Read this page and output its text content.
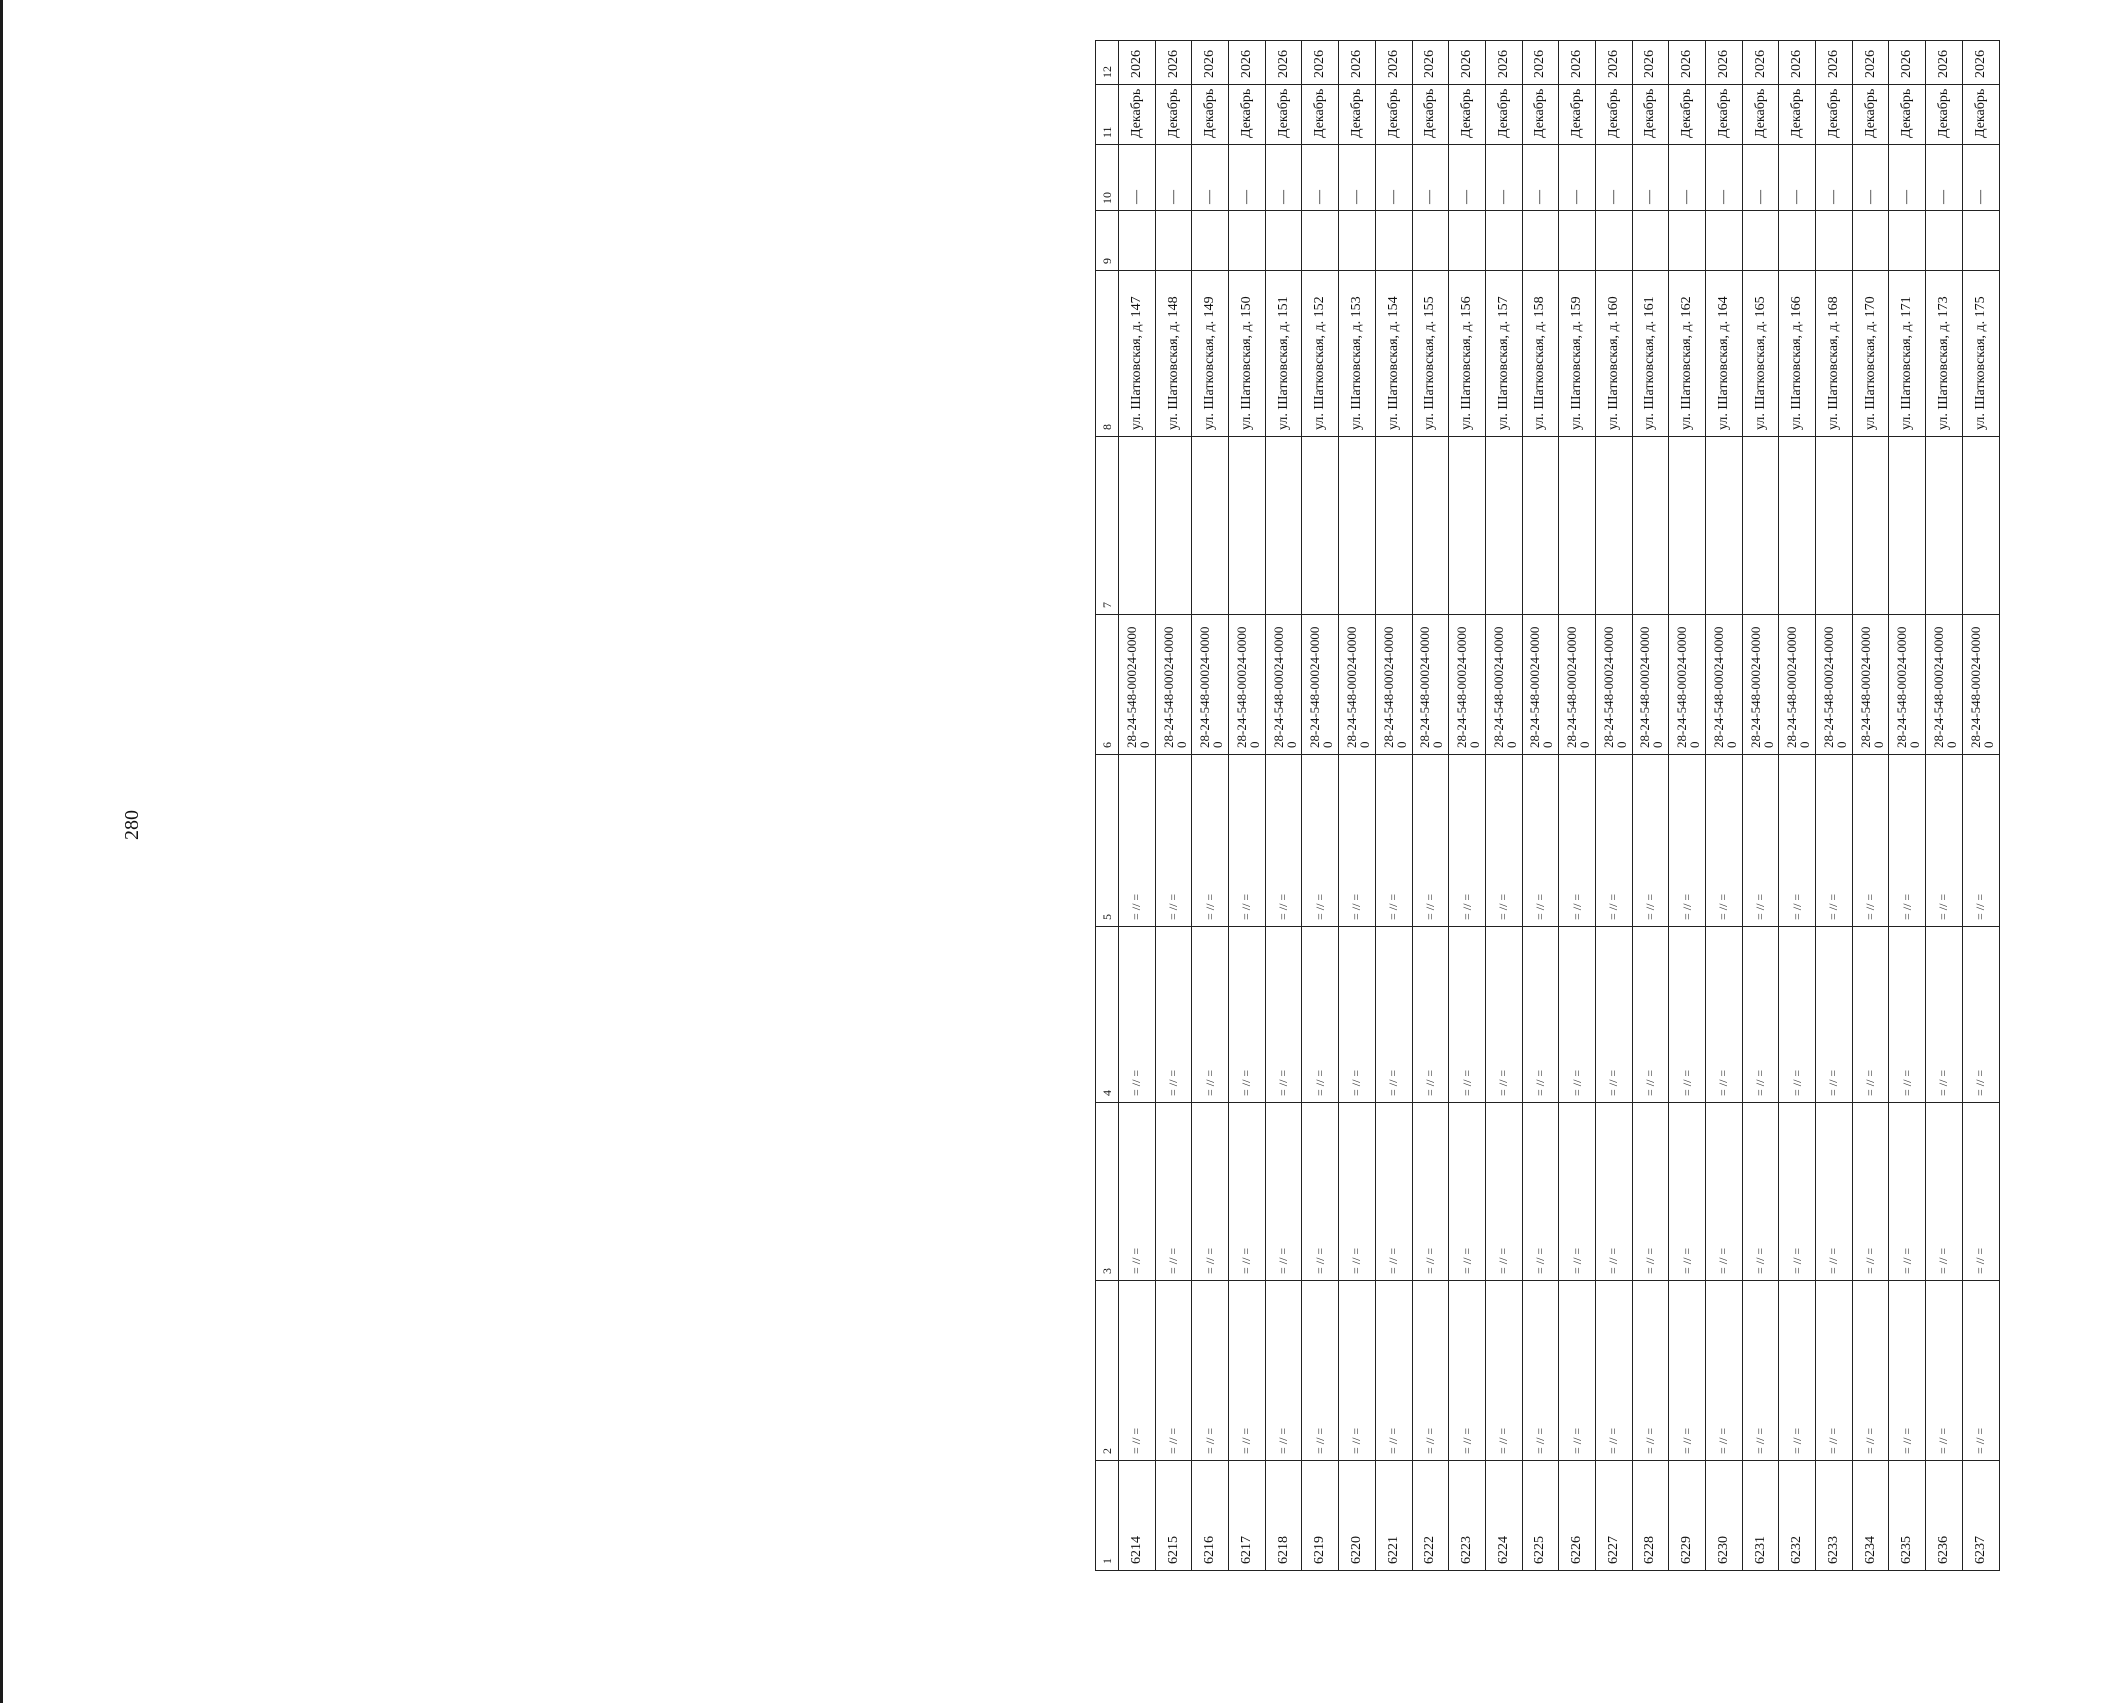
280
1	2	3	4	5	6	7	8	9	10	11	12
6214	= // =	= // =	= // =	= // =	28-24-548-00024-00000		ул. Шатковская, д. 147		—	Декабрь	2026
6215	= // =	= // =	= // =	= // =	28-24-548-00024-00000		ул. Шатковская, д. 148		—	Декабрь	2026
6216	= // =	= // =	= // =	= // =	28-24-548-00024-00000		ул. Шатковская, д. 149		—	Декабрь	2026
6217	= // =	= // =	= // =	= // =	28-24-548-00024-00000		ул. Шатковская, д. 150		—	Декабрь	2026
6218	= // =	= // =	= // =	= // =	28-24-548-00024-00000		ул. Шатковская, д. 151		—	Декабрь	2026
6219	= // =	= // =	= // =	= // =	28-24-548-00024-00000		ул. Шатковская, д. 152		—	Декабрь	2026
6220	= // =	= // =	= // =	= // =	28-24-548-00024-00000		ул. Шатковская, д. 153		—	Декабрь	2026
6221	= // =	= // =	= // =	= // =	28-24-548-00024-00000		ул. Шатковская, д. 154		—	Декабрь	2026
6222	= // =	= // =	= // =	= // =	28-24-548-00024-00000		ул. Шатковская, д. 155		—	Декабрь	2026
6223	= // =	= // =	= // =	= // =	28-24-548-00024-00000		ул. Шатковская, д. 156		—	Декабрь	2026
6224	= // =	= // =	= // =	= // =	28-24-548-00024-00000		ул. Шатковская, д. 157		—	Декабрь	2026
6225	= // =	= // =	= // =	= // =	28-24-548-00024-00000		ул. Шатковская, д. 158		—	Декабрь	2026
6226	= // =	= // =	= // =	= // =	28-24-548-00024-00000		ул. Шатковская, д. 159		—	Декабрь	2026
6227	= // =	= // =	= // =	= // =	28-24-548-00024-00000		ул. Шатковская, д. 160		—	Декабрь	2026
6228	= // =	= // =	= // =	= // =	28-24-548-00024-00000		ул. Шатковская, д. 161		—	Декабрь	2026
6229	= // =	= // =	= // =	= // =	28-24-548-00024-00000		ул. Шатковская, д. 162		—	Декабрь	2026
6230	= // =	= // =	= // =	= // =	28-24-548-00024-00000		ул. Шатковская, д. 164		—	Декабрь	2026
6231	= // =	= // =	= // =	= // =	28-24-548-00024-00000		ул. Шатковская, д. 165		—	Декабрь	2026
6232	= // =	= // =	= // =	= // =	28-24-548-00024-00000		ул. Шатковская, д. 166		—	Декабрь	2026
6233	= // =	= // =	= // =	= // =	28-24-548-00024-00000		ул. Шатковская, д. 168		—	Декабрь	2026
6234	= // =	= // =	= // =	= // =	28-24-548-00024-00000		ул. Шатковская, д. 170		—	Декабрь	2026
6235	= // =	= // =	= // =	= // =	28-24-548-00024-00000		ул. Шатковская, д. 171		—	Декабрь	2026
6236	= // =	= // =	= // =	= // =	28-24-548-00024-00000		ул. Шатковская, д. 173		—	Декабрь	2026
6237	= // =	= // =	= // =	= // =	28-24-548-00024-00000		ул. Шатковская, д. 175		—	Декабрь	2026
